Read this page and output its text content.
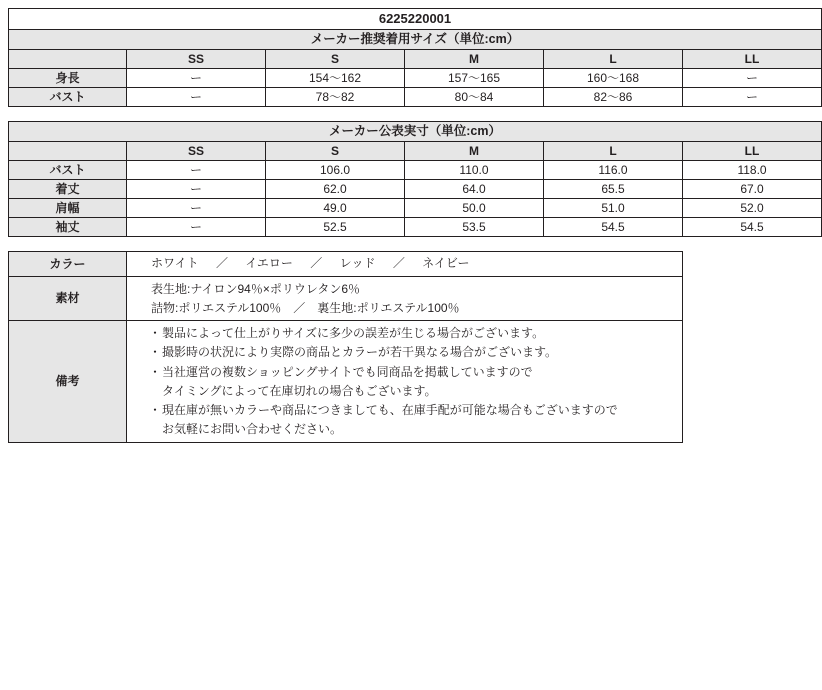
6225220001					
メーカー推奨着用サイズ（単位:cm）					
	SS	S	M	L	LL
身長	ー	154〜162	157〜165	160〜168	ー
バスト	ー	78〜82	80〜84	82〜86	ー
メーカー公表実寸（単位:cm）					
	SS	S	M	L	LL
バスト	ー	106.0	110.0	116.0	118.0
着丈	ー	62.0	64.0	65.5	67.0
肩幅	ー	49.0	50.0	51.0	52.0
袖丈	ー	52.5	53.5	54.5	54.5
カラー	ホワイト ／ イエロー ／ レッド ／ ネイビー
素材	表生地:ナイロン94％×ポリウレタン6％
詰物:ポリエステル100％　／　裏生地:ポリエステル100％

備考	
・ 製品によって仕上がりサイズに多少の誤差が生じる場合がございます。
・ 撮影時の状況により実際の商品とカラーが若干異なる場合がございます。
・ 当社運営の複数ショッピングサイトでも同商品を掲載していますので
タイミングによって在庫切れの場合もございます。
・ 現在庫が無いカラーや商品につきましても、在庫手配が可能な場合もございますので
お気軽にお問い合わせください。
